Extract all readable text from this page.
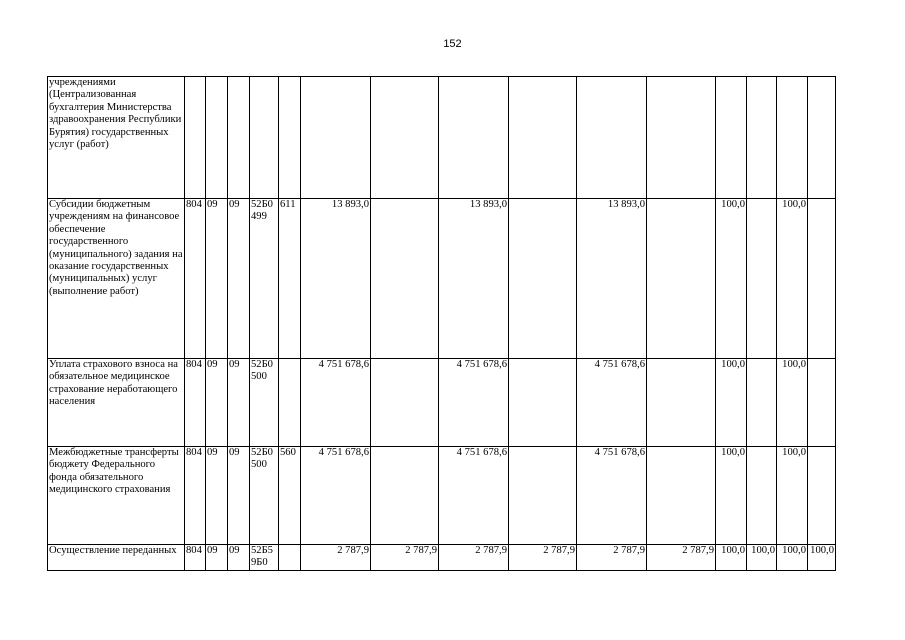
152
учреждениями (Централизованная бухгалтерия Министерства здравоохранения Республики Бурятия) государственных услуг (работ)															
Субсидии бюджетным учреждениям на финансовое обеспечение государственного (муниципального) задания на оказание государственных (муниципальных) услуг (выполнение работ)	804	09	09	52Б0 499	611	13 893,0		13 893,0		13 893,0		100,0		100,0	
Уплата страхового взноса на обязательное медицинское страхование неработающего населения	804	09	09	52Б0 500		4 751 678,6		4 751 678,6		4 751 678,6		100,0		100,0	
Межбюджетные трансферты бюджету Федерального фонда обязательного медицинского страхования	804	09	09	52Б0 500	560	4 751 678,6		4 751 678,6		4 751 678,6		100,0		100,0	
Осуществление переданных	804	09	09	52Б5 9Б0		2 787,9	2 787,9	2 787,9	2 787,9	2 787,9	2 787,9	100,0	100,0	100,0	100,0
